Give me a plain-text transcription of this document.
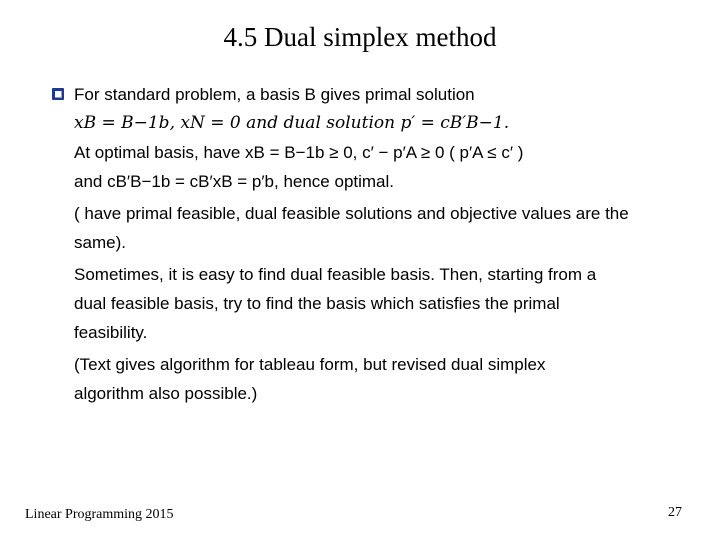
4.5 Dual simplex method
For standard problem, a basis B gives primal solution
xB = B−1b, xN = 0 and dual solution p′ = cB′B−1.
At optimal basis, have xB = B−1b ≥ 0, c′ − p′A ≥ 0 ( p′A ≤ c′ )
and cB′B−1b = cB′xB = p′b, hence optimal.
( have primal feasible, dual feasible solutions and objective values are the
same).
Sometimes, it is easy to find dual feasible basis. Then, starting from a
dual feasible basis, try to find the basis which satisfies the primal
feasibility.
(Text gives algorithm for tableau form, but revised dual simplex
algorithm also possible.)
Linear Programming 2015	27
